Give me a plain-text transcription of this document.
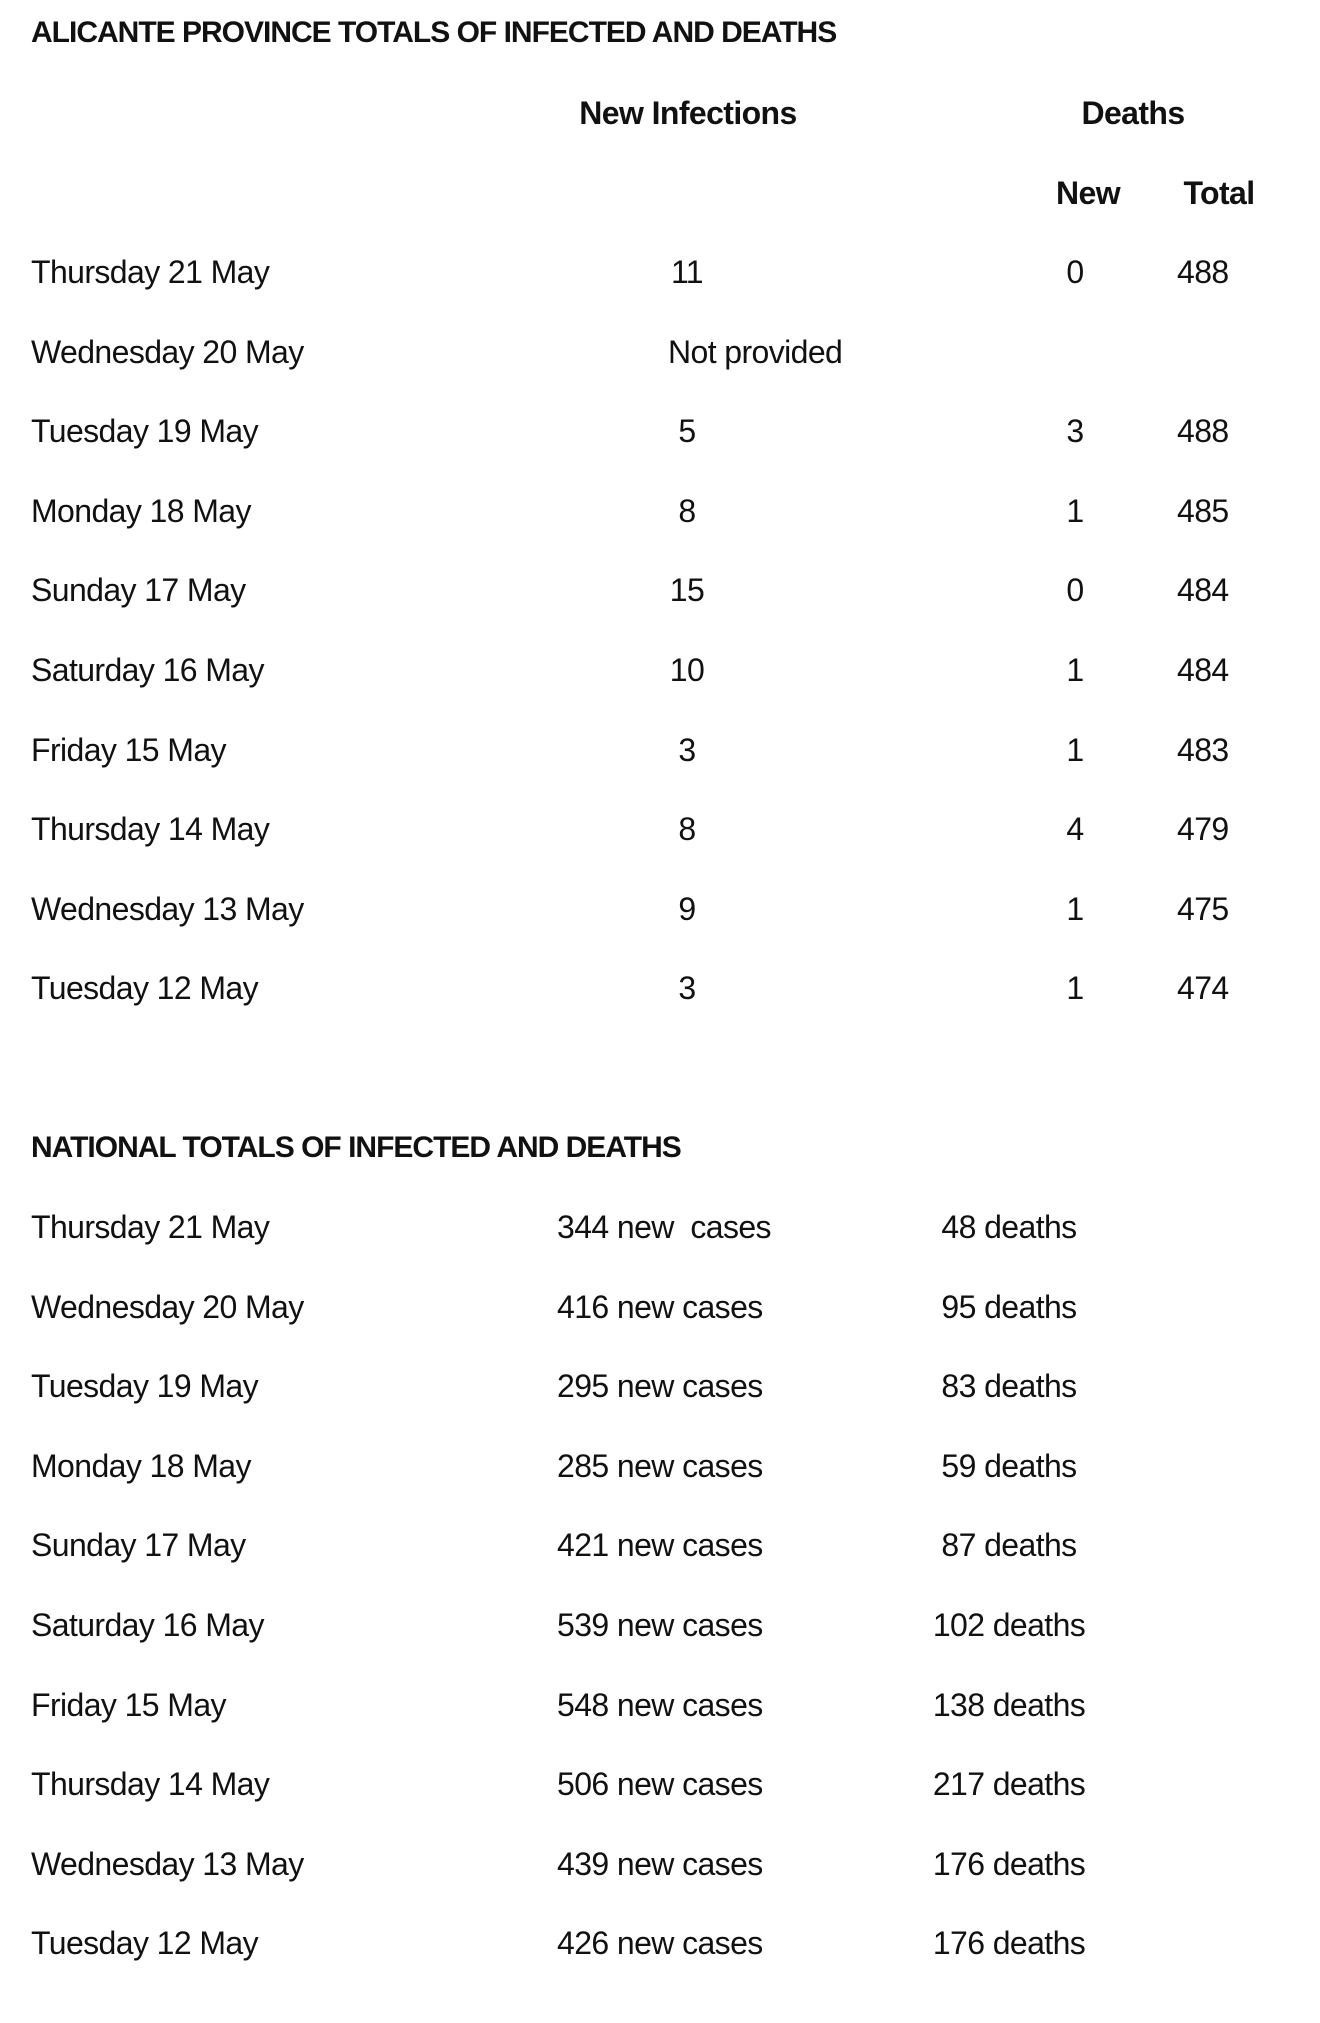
ALICANTE PROVINCE TOTALS OF INFECTED AND DEATHS
New Infections	Deaths
New Total
Thursday 21 May	11	0	488
Wednesday 20 May	Not provided
Tuesday 19 May	5	3	488
Monday 18 May	8	1	485
Sunday 17 May	15	0	484
Saturday 16 May	10	1	484
Friday 15 May	3	1	483
Thursday 14 May	8	4	479
Wednesday 13 May	9	1	475
Tuesday 12 May	3	1	474
NATIONAL TOTALS OF INFECTED AND DEATHS
Thursday 21 May	344 new  cases	48 deaths
Wednesday 20 May	416 new cases	95 deaths
Tuesday 19 May	295 new cases	83 deaths
Monday 18 May	285 new cases	59 deaths
Sunday 17 May	421 new cases	87 deaths
Saturday 16 May	539 new cases	102 deaths
Friday 15 May	548 new cases	138 deaths
Thursday 14 May	506 new cases	217 deaths
Wednesday 13 May	439 new cases	176 deaths
Tuesday 12 May	426 new cases	176 deaths
